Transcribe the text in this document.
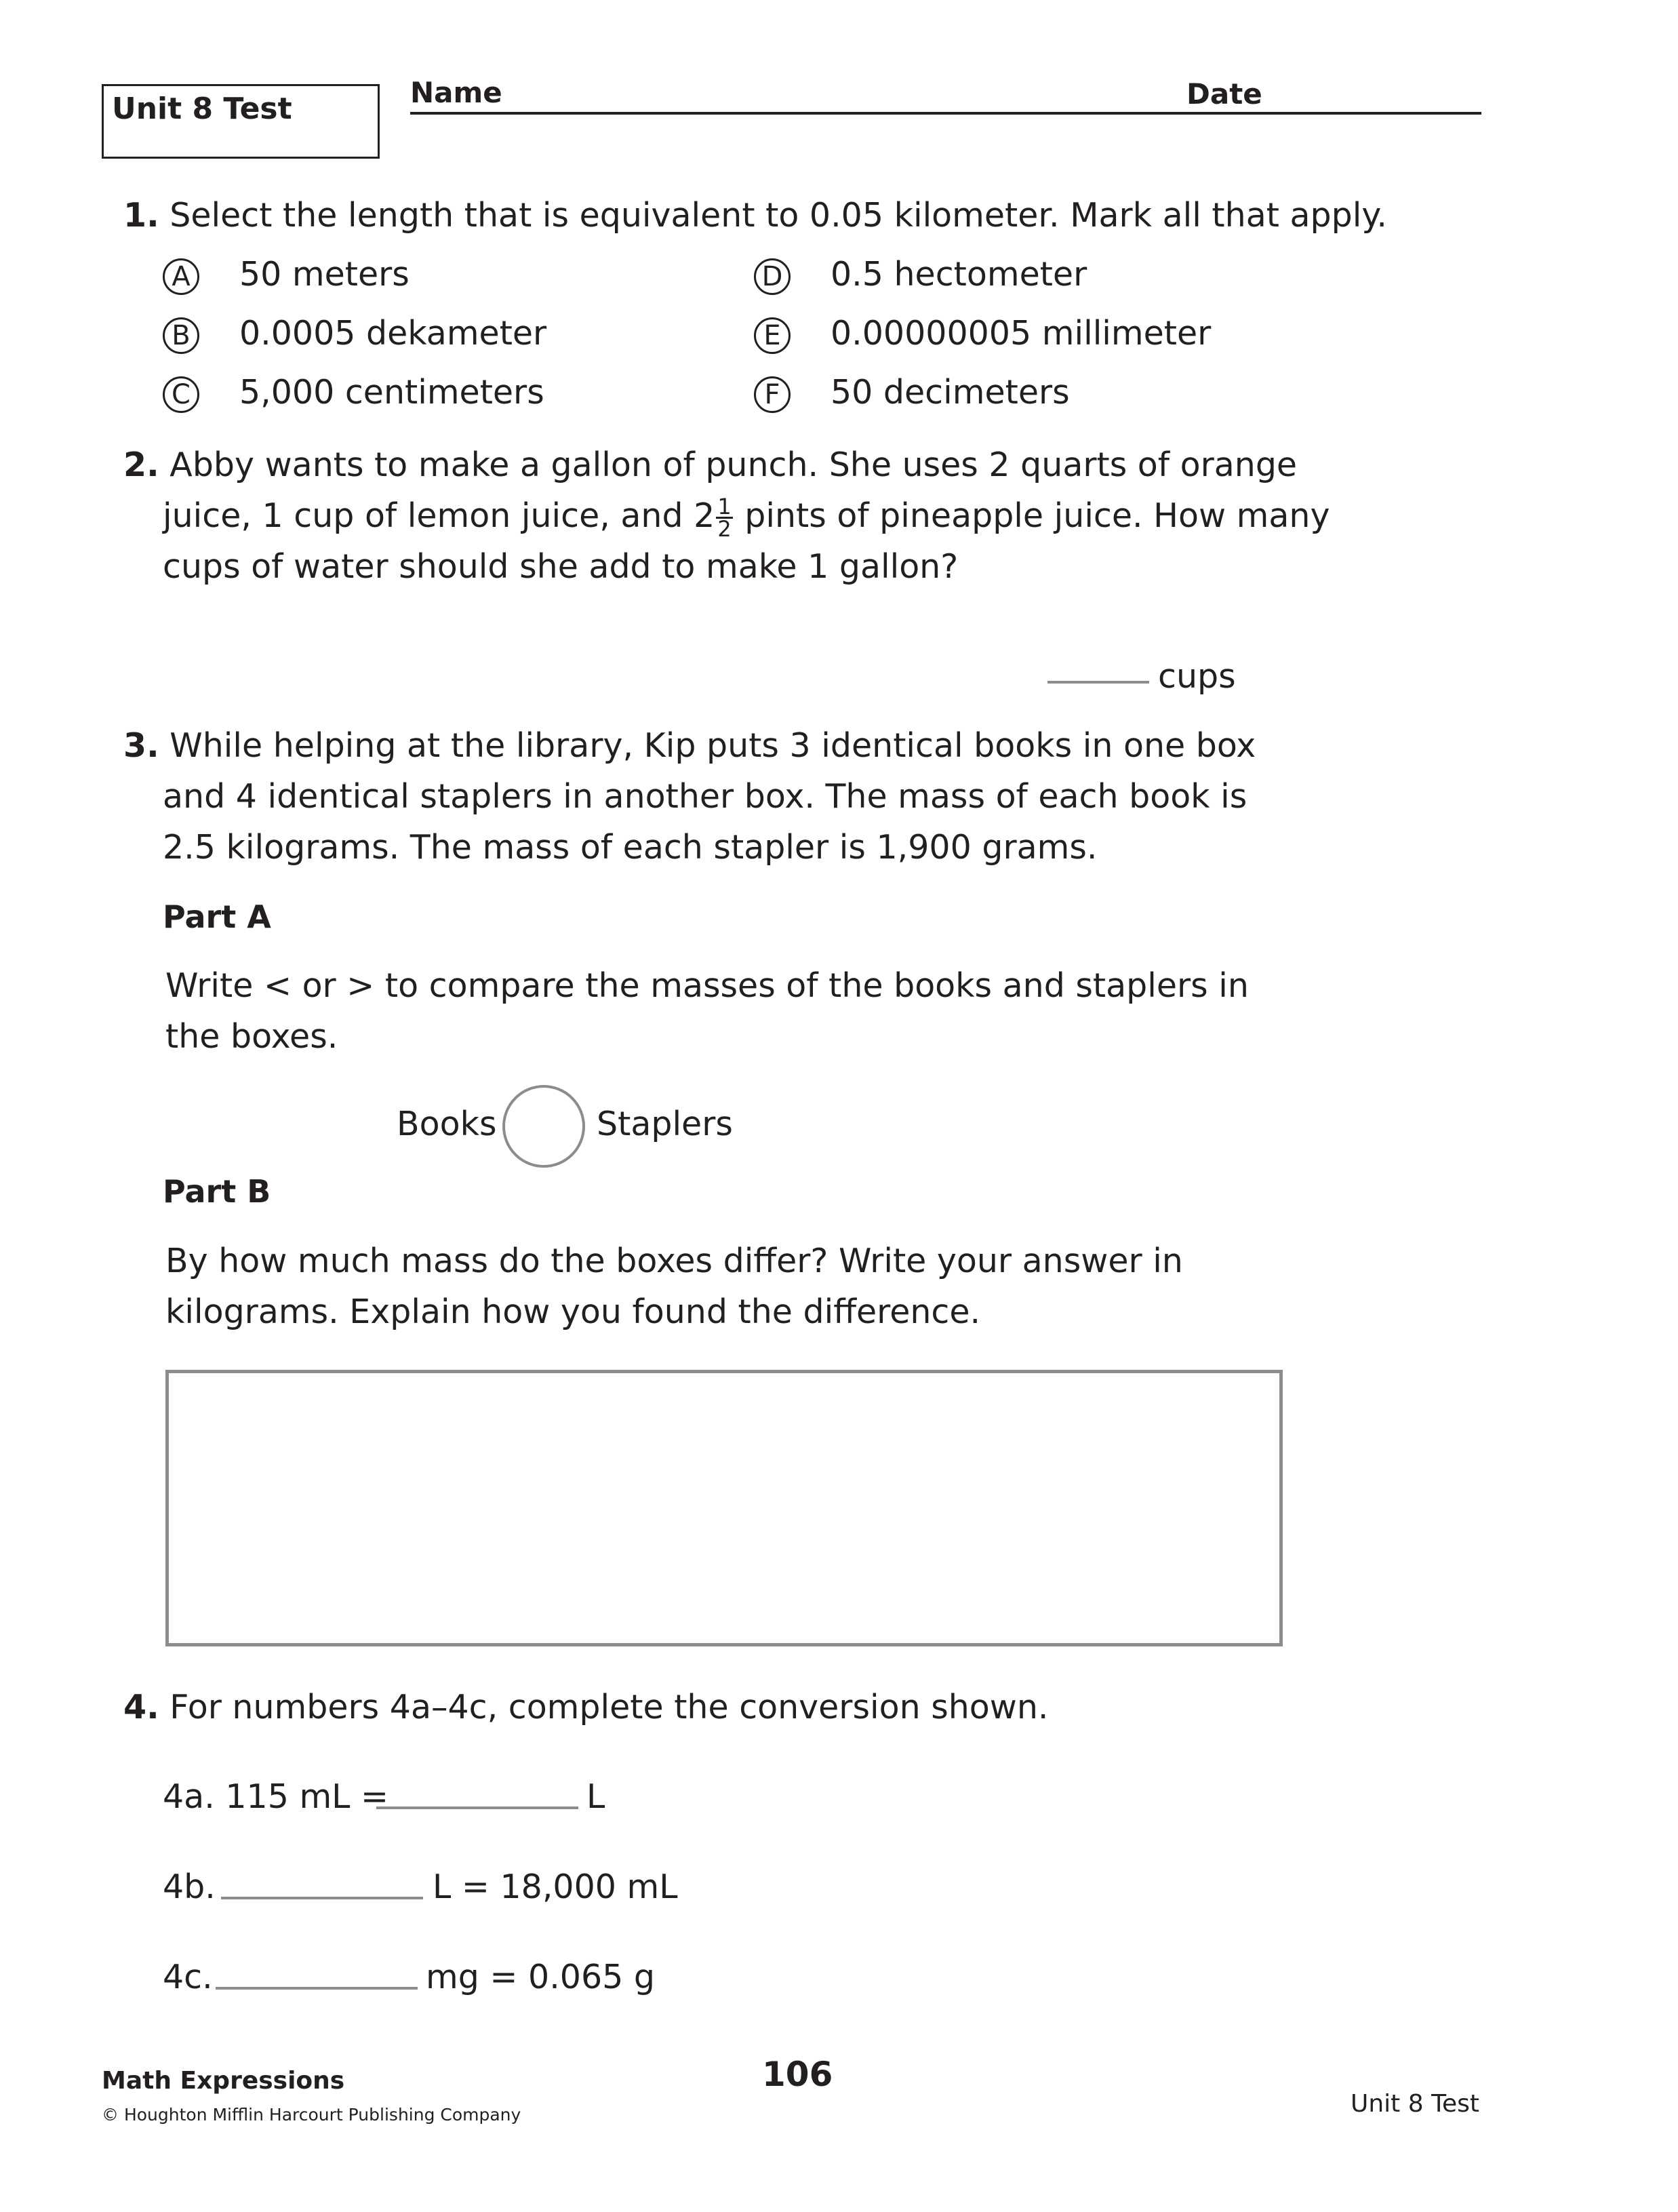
Unit 8 Test	Name	Date
1. Select the length that is equivalent to 0.05 kilometer. Mark all that apply.
A 50 meters
B 0.0005 dekameter
C 5,000 centimeters
D 0.5 hectometer
E 0.00000005 millimeter
F 50 decimeters
2. Abby wants to make a gallon of punch. She uses 2 quarts of orange
juice, 1 cup of lemon juice, and $2 \frac{1}{2}$ pints of pineapple juice. How many
cups of water should she add to make 1 gallon?
cups
3. While helping at the library, Kip puts 3 identical books in one box
and 4 identical staplers in another box. The mass of each book is
2.5 kilograms. The mass of each stapler is 1,900 grams.
Part A
Write < or > to compare the masses of the books and staplers in
the boxes.
Books	Staplers
Part B
By how much mass do the boxes differ? Write your answer in
kilograms. Explain how you found the difference.
4. For numbers 4a–4c, complete the conversion shown.
4a. 115 mL =	L
4b.	L = 18,000 mL
4c.	mg = 0.065 g
Math Expressions
© Houghton Mifflin Harcourt Publishing Company
106
Unit 8 Test
